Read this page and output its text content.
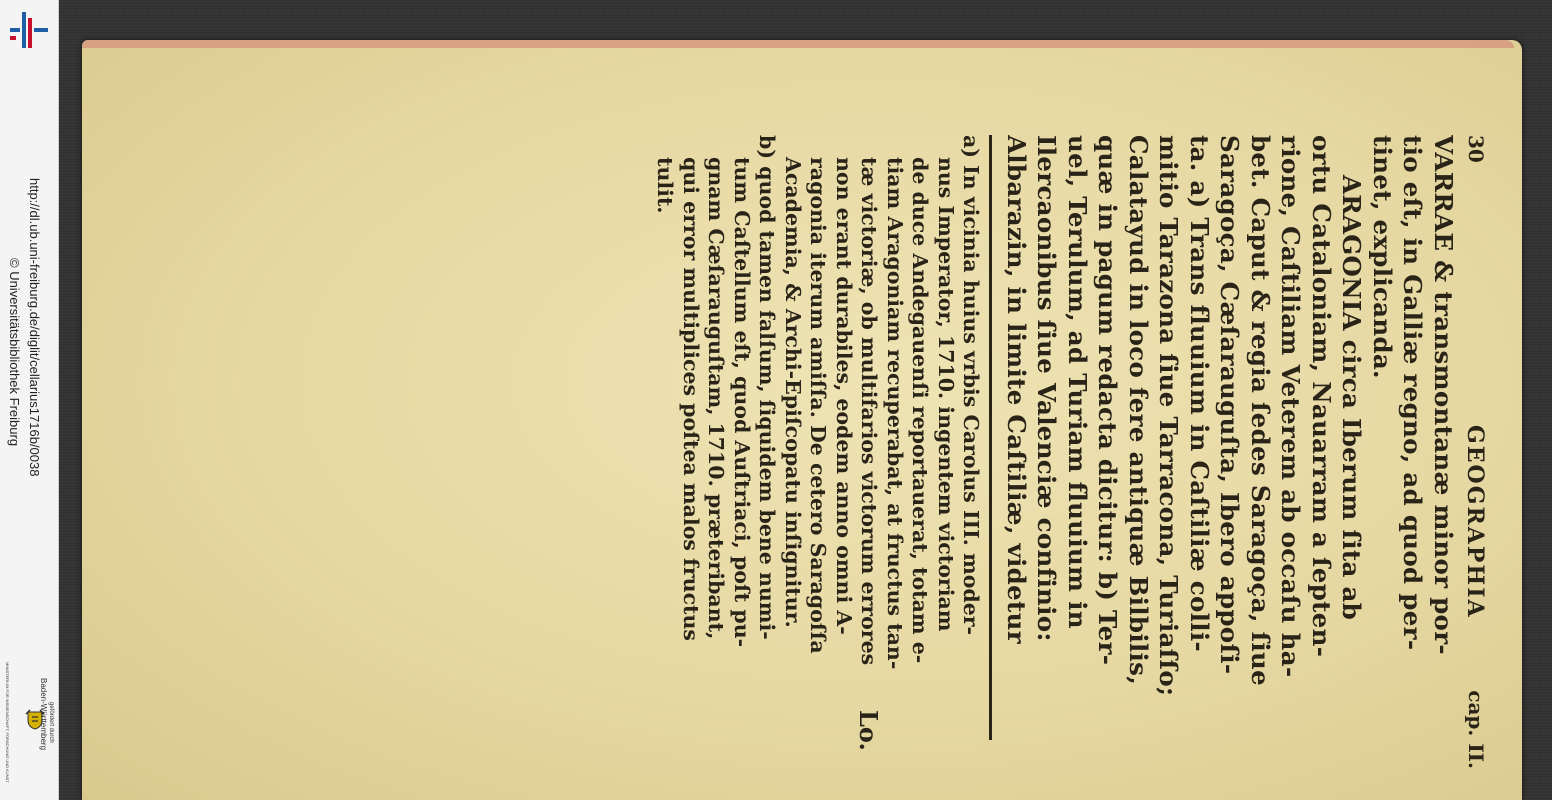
http://dl.ub.uni-freiburg.de/diglit/cellarius1716b/0038
© Universitätsbibliothek Freiburg
gefördert durch
Baden-Württemberg
MINISTERIUM FÜR WISSENSCHAFT, FORSCHUNG UND KUNST
30
GEOGRAPHIA
cap. II.
VARRAE & transmontanæ minor por-
tio eſt, in Galliæ regno, ad quod per-
tinet, explicanda.
ARAGONIA circa Iberum ſita ab
ortu Cataloniam, Nauarram a ſepten-
rione, Caſtiliam Veterem ab occaſu ha-
bet. Caput & regia ſedes Saragoça, ſiue
Saragoça, Cæſarauguſta, Ibero appoſi-
ta. a) Trans fluuium in Caſtiliæ colli-
mitio Tarazona ſiue Tarracona, Turiaſſo;
Calatayud in loco fere antiquæ Bilbilis,
quæ in pagum redacta dicitur: b) Ter-
uel, Terulum, ad Turiam fluuium in
Ilercaonibus ſiue Valenciæ confinio:
Albarazin, in limite Caſtiliæ, videtur
a) In vicinia huius vrbis Carolus III. moder-
nus Imperator, 1710. ingentem victoriam
de duce Andegauenſi reportauerat, totam e-
tiam Aragoniam recuperabat, at fructus tan-
tæ victoriæ, ob multifarios victorum errores
non erant durabiles, eodem anno omni A-
ragonia iterum amiſſa. De cetero Saragoſſa
Academia, & Archi-Epiſcopatu inſignitur.
b) quod tamen falſum, ſiquidem bene numi-
tum Caſtellum eſt, quod Auſtriaci, poſt pu-
gnam Cæſarauguſtam, 1710. præteribant,
qui error multiplices poſtea malos fructus
tulit.
Lo.
